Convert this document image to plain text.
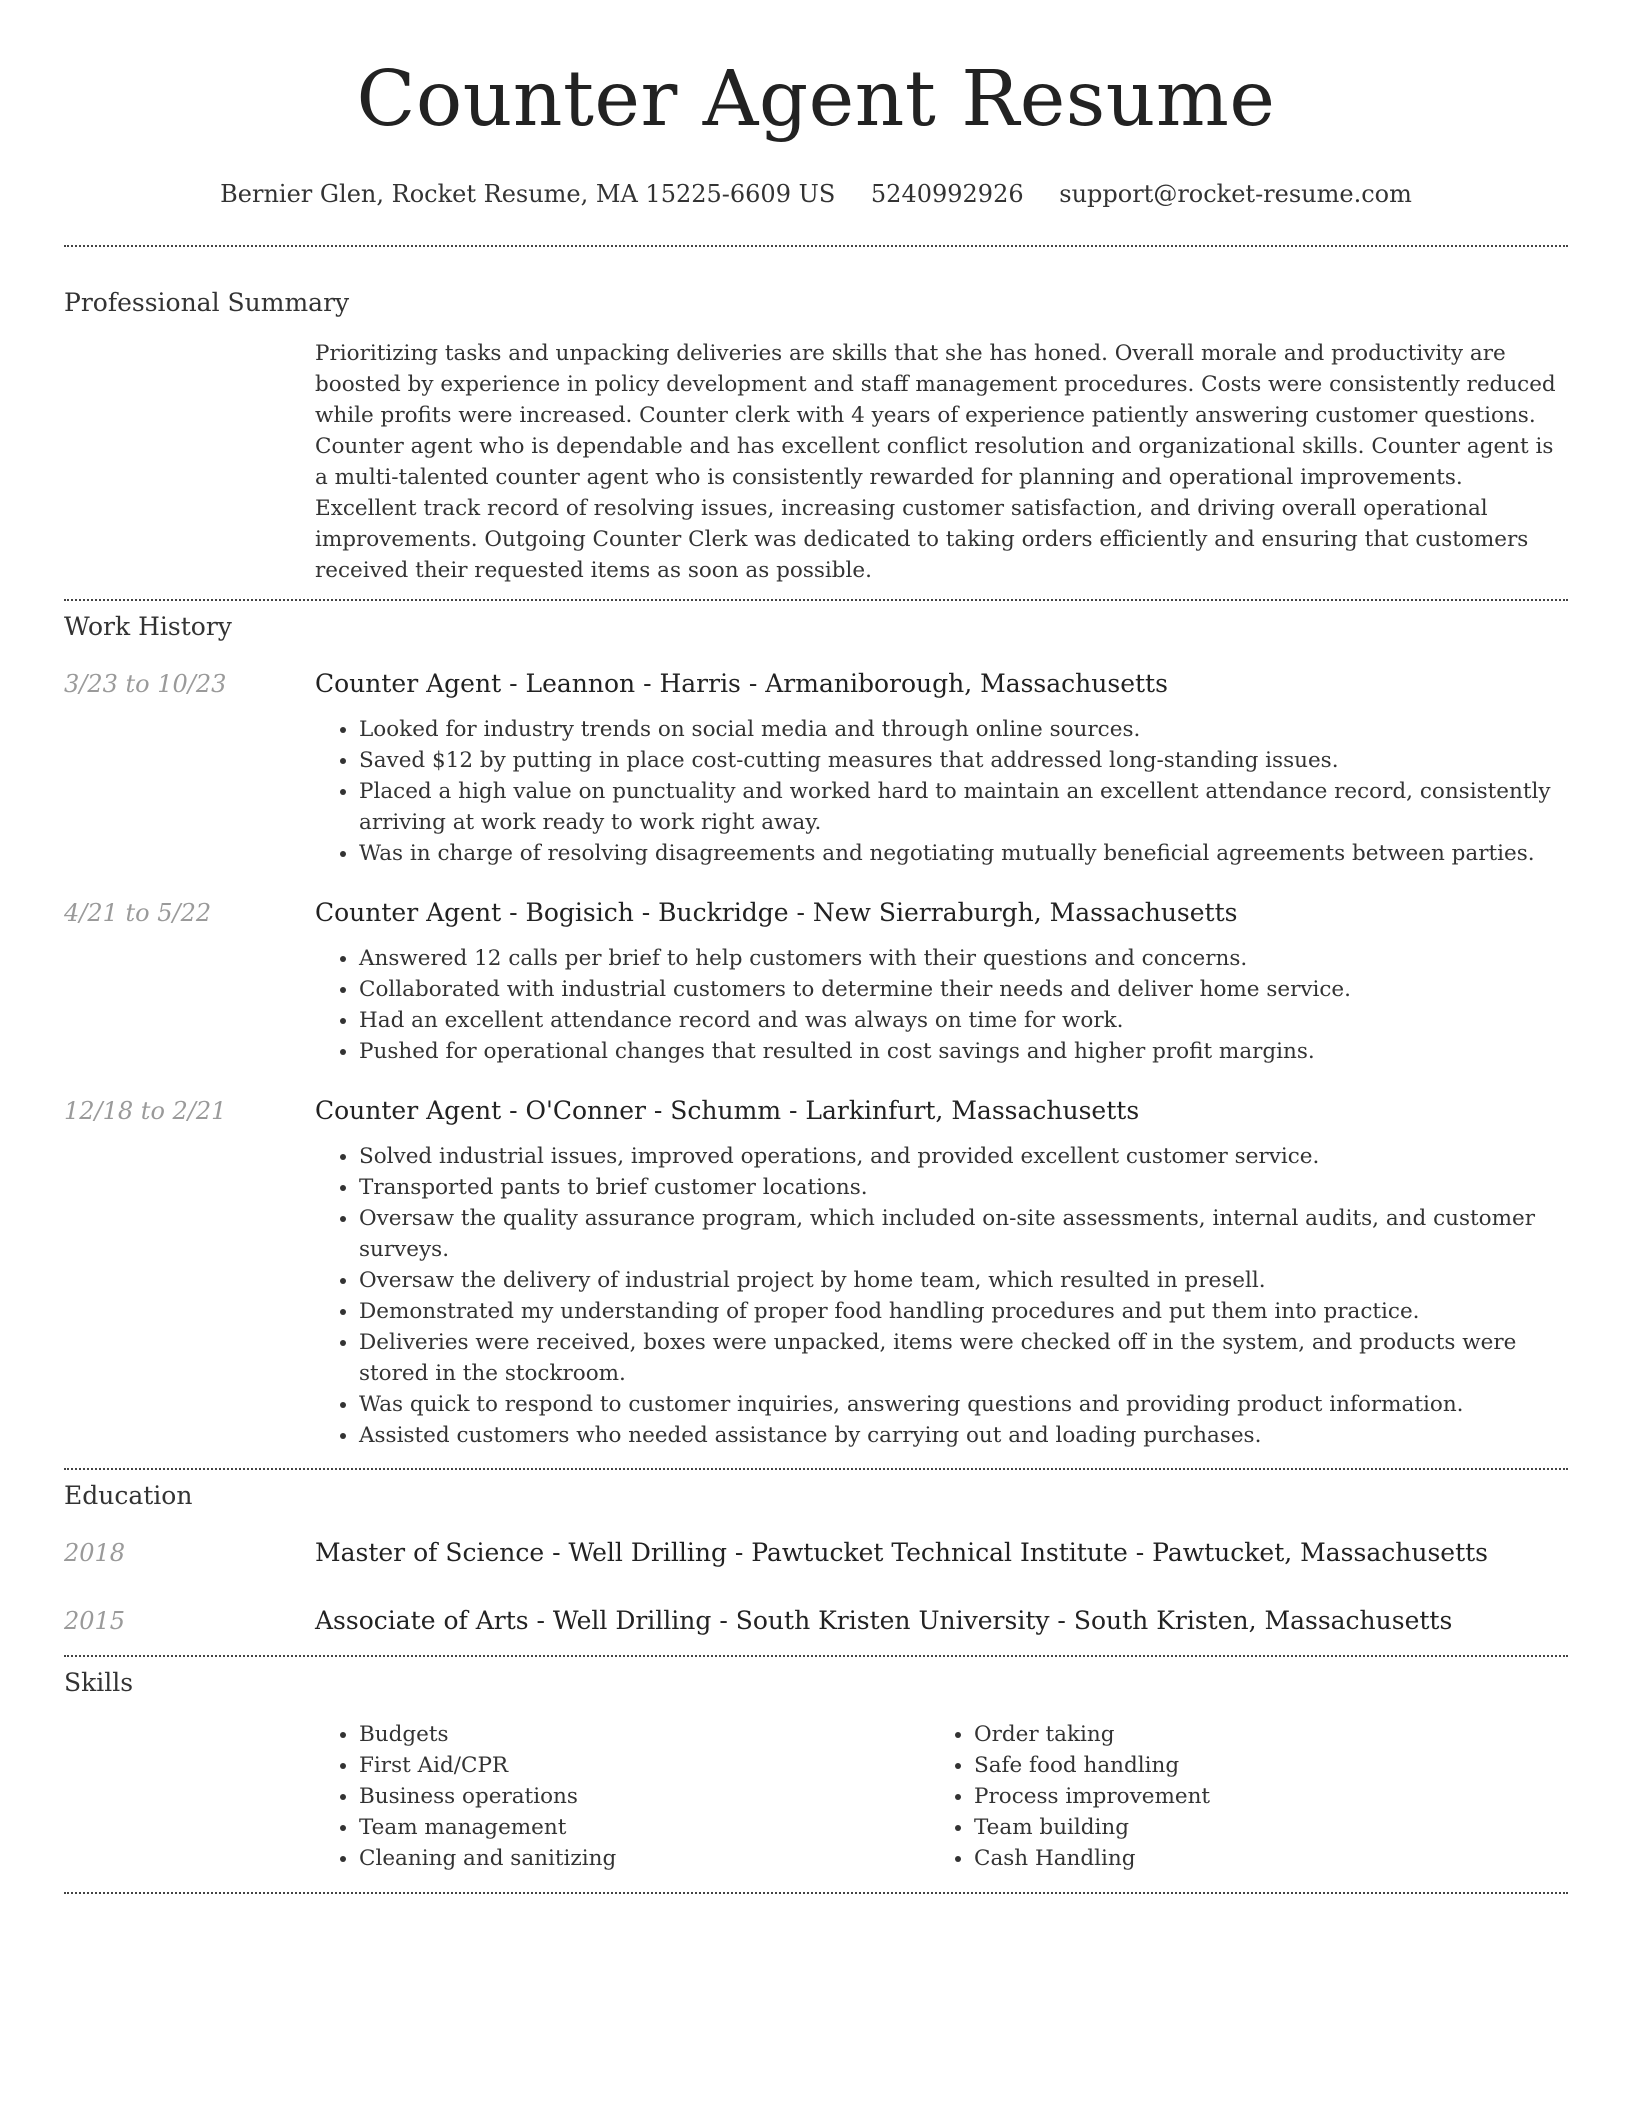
Counter Agent Resume
Bernier Glen, Rocket Resume, MA 15225-6609 US 5240992926 support@rocket-resume.com
Professional Summary

Prioritizing tasks and unpacking deliveries are skills that she has honed. Overall morale and productivity are boosted by experience in policy development and staff management procedures. Costs were consistently reduced while profits were increased. Counter clerk with 4 years of experience patiently answering customer questions. Counter agent who is dependable and has excellent conflict resolution and organizational skills. Counter agent is a multi-talented counter agent who is consistently rewarded for planning and operational improvements. Excellent track record of resolving issues, increasing customer satisfaction, and driving overall operational improvements. Outgoing Counter Clerk was dedicated to taking orders efficiently and ensuring that customers received their requested items as soon as possible.

Work History
3/23 to 10/23	Counter Agent - Leannon - Harris - Armaniborough, Massachusetts
• Looked for industry trends on social media and through online sources.
• Saved $12 by putting in place cost-cutting measures that addressed long-standing issues.
• Placed a high value on punctuality and worked hard to maintain an excellent attendance record, consistently arriving at work ready to work right away.
• Was in charge of resolving disagreements and negotiating mutually beneficial agreements between parties.
4/21 to 5/22	Counter Agent - Bogisich - Buckridge - New Sierraburgh, Massachusetts
• Answered 12 calls per brief to help customers with their questions and concerns.
• Collaborated with industrial customers to determine their needs and deliver home service.
• Had an excellent attendance record and was always on time for work.
• Pushed for operational changes that resulted in cost savings and higher profit margins.
12/18 to 2/21	Counter Agent - O'Conner - Schumm - Larkinfurt, Massachusetts
• Solved industrial issues, improved operations, and provided excellent customer service.
• Transported pants to brief customer locations.
• Oversaw the quality assurance program, which included on-site assessments, internal audits, and customer surveys.
• Oversaw the delivery of industrial project by home team, which resulted in presell.
• Demonstrated my understanding of proper food handling procedures and put them into practice.
• Deliveries were received, boxes were unpacked, items were checked off in the system, and products were stored in the stockroom.
• Was quick to respond to customer inquiries, answering questions and providing product information.
• Assisted customers who needed assistance by carrying out and loading purchases.
Education
2018	Master of Science - Well Drilling - Pawtucket Technical Institute - Pawtucket, Massachusetts
2015	Associate of Arts - Well Drilling - South Kristen University - South Kristen, Massachusetts
Skills
• Budgets
• First Aid/CPR
• Business operations
• Team management
• Cleaning and sanitizing
• Order taking
• Safe food handling
• Process improvement
• Team building
• Cash Handling
